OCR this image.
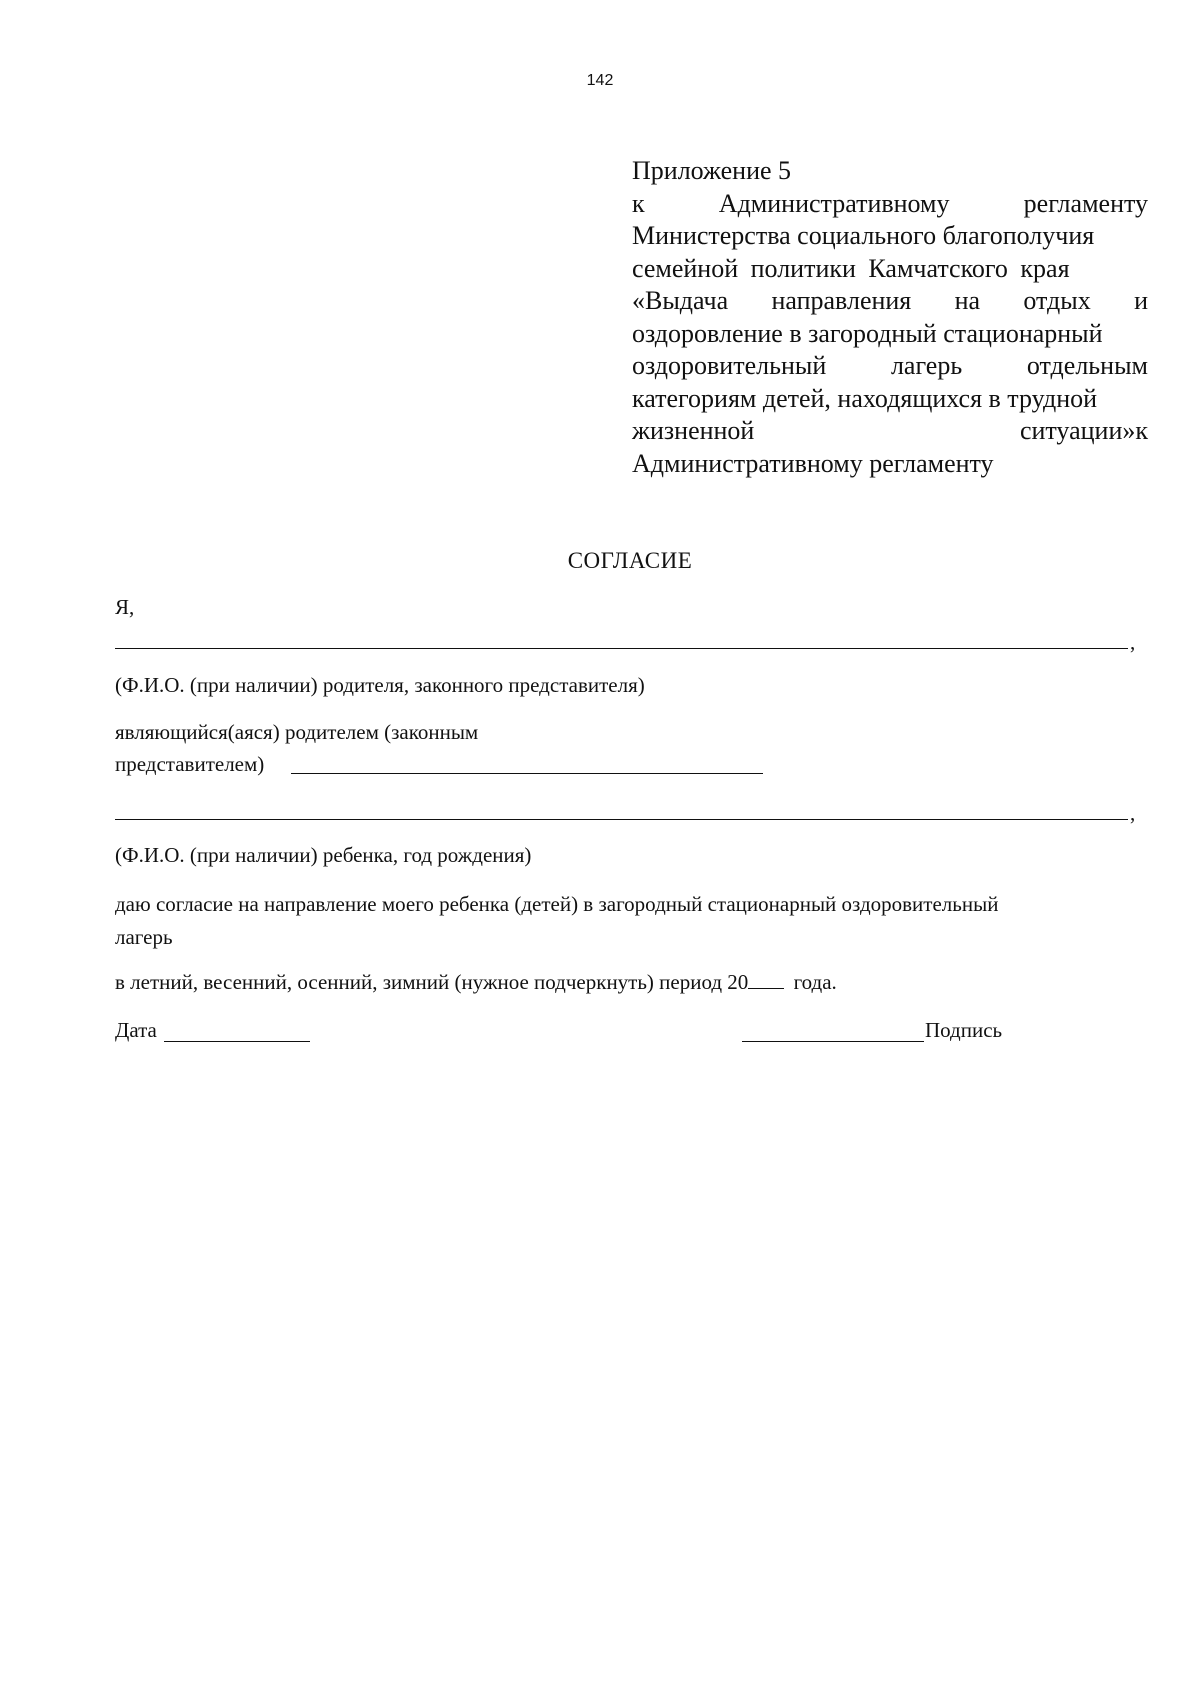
142
Приложение 5
к	Административному	регламенту
Министерства социального благополучия
семейной политики Камчатского края
«Выдача направления на отдых и
оздоровление в загородный стационарный
оздоровительный лагерь отдельным
категориям детей, находящихся в трудной
жизненной	ситуации»к
Административному регламенту
СОГЛАСИЕ
Я,
,
(Ф.И.О. (при наличии) родителя, законного представителя)
являющийся(аяся) родителем (законным
представителем)
,
(Ф.И.О. (при наличии) ребенка, год рождения)
даю согласие на направление моего ребенка (детей) в загородный стационарный оздоровительный
лагерь
в летний, весенний, осенний, зимний (нужное подчеркнуть) период 20 года.
Дата	Подпись
